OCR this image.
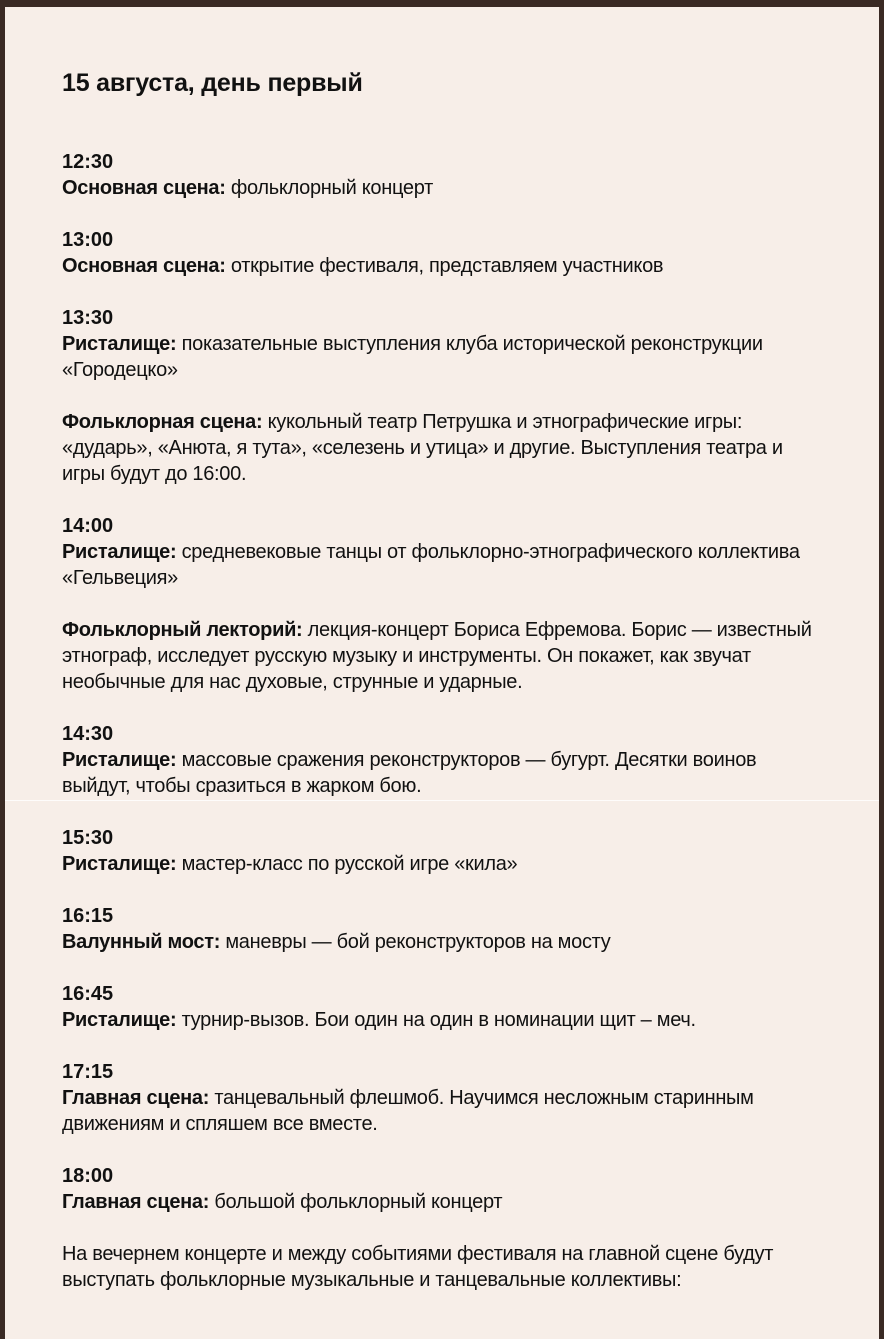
15 августа, день первый
12:30

Основная сцена: фольклорный концерт

13:00

Основная сцена: открытие фестиваля, представляем участников

13:30

Ристалище: показательные выступления клуба исторической реконструкции «Городецко»

Фольклорная сцена: кукольный театр Петрушка и этнографические игры: «дударь», «Анюта, я тута», «селезень и утица» и другие. Выступления театра и игры будут до 16:00.

14:00

Ристалище: средневековые танцы от фольклорно-этнографического коллектива «Гельвеция»

Фольклорный лекторий: лекция-концерт Бориса Ефремова. Борис — известный этнограф, исследует русскую музыку и инструменты. Он покажет, как звучат необычные для нас духовые, струнные и ударные.

14:30

Ристалище: массовые сражения реконструкторов — бугурт. Десятки воинов выйдут, чтобы сразиться в жарком бою.

15:30

Ристалище: мастер-класс по русской игре «кила»

16:15

Валунный мост: маневры — бой реконструкторов на мосту

16:45

Ристалище: турнир-вызов. Бои один на один в номинации щит – меч.

17:15

Главная сцена: танцевальный флешмоб. Научимся несложным старинным движениям и спляшем все вместе.

18:00

Главная сцена: большой фольклорный концерт

На вечернем концерте и между событиями фестиваля на главной сцене будут выступать фольклорные музыкальные и танцевальные коллективы:
